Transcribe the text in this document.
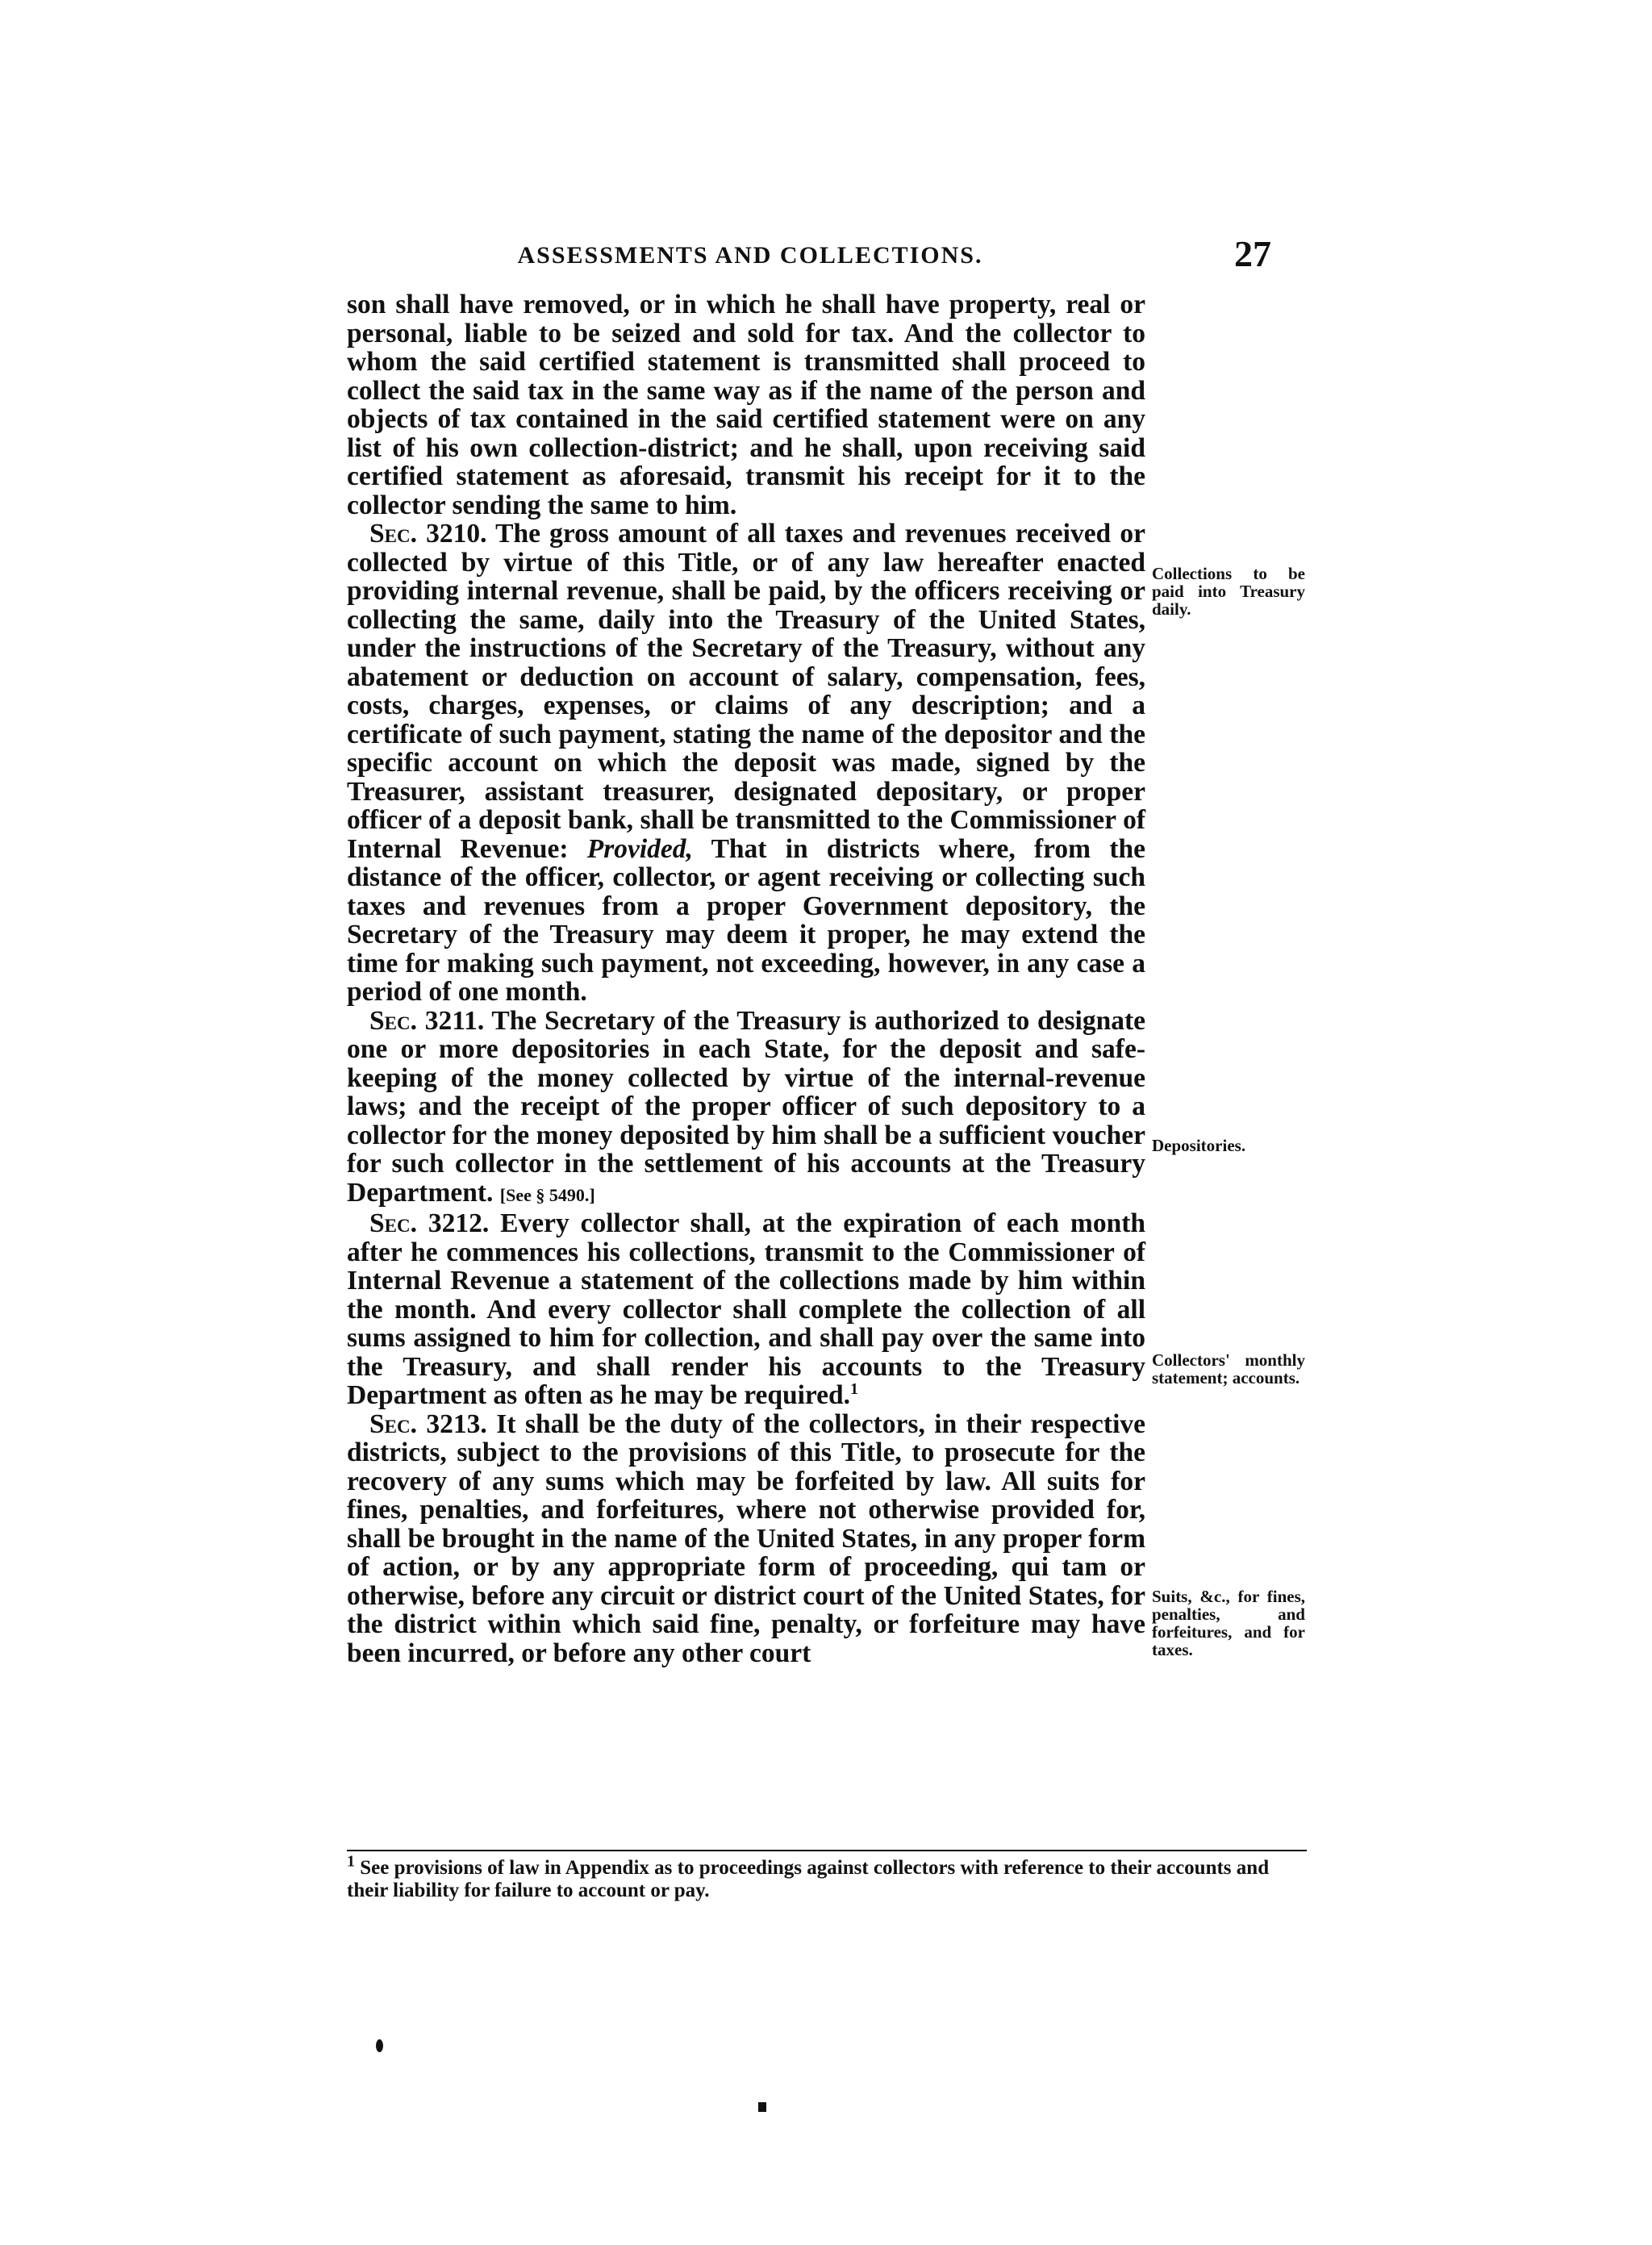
ASSESSMENTS AND COLLECTIONS.	27

son shall have removed, or in which he shall have property, real or personal, liable to be seized and sold for tax. And the collector to whom the said certified statement is transmitted shall proceed to collect the said tax in the same way as if the name of the person and objects of tax contained in the said certified statement were on any list of his own collection-district; and he shall, upon receiving said certified statement as aforesaid, transmit his receipt for it to the collector sending the same to him.

Sec. 3210. The gross amount of all taxes and revenues received or collected by virtue of this Title, or of any law hereafter enacted providing internal revenue, shall be paid, by the officers receiving or collecting the same, daily into the Treasury of the United States, under the instructions of the Secretary of the Treasury, without any abatement or deduction on account of salary, compensation, fees, costs, charges, expenses, or claims of any description; and a certificate of such payment, stating the name of the depositor and the specific account on which the deposit was made, signed by the Treasurer, assistant treasurer, designated depositary, or proper officer of a deposit bank, shall be transmitted to the Commissioner of Internal Revenue: Provided, That in districts where, from the distance of the officer, collector, or agent receiving or collecting such taxes and revenues from a proper Government depository, the Secretary of the Treasury may deem it proper, he may extend the time for making such payment, not exceeding, however, in any case a period of one month.

Sec. 3211. The Secretary of the Treasury is authorized to designate one or more depositories in each State, for the deposit and safe-keeping of the money collected by virtue of the internal-revenue laws; and the receipt of the proper officer of such depository to a collector for the money deposited by him shall be a sufficient voucher for such collector in the settlement of his accounts at the Treasury Department. [See § 5490.]

Sec. 3212. Every collector shall, at the expiration of each month after he commences his collections, transmit to the Commissioner of Internal Revenue a statement of the collections made by him within the month. And every collector shall complete the collection of all sums assigned to him for collection, and shall pay over the same into the Treasury, and shall render his accounts to the Treasury Department as often as he may be required.$^1$

Sec. 3213. It shall be the duty of the collectors, in their respective districts, subject to the provisions of this Title, to prosecute for the recovery of any sums which may be forfeited by law. All suits for fines, penalties, and forfeitures, where not otherwise provided for, shall be brought in the name of the United States, in any proper form of action, or by any appropriate form of proceeding, qui tam or otherwise, before any circuit or district court of the United States, for the district within which said fine, penalty, or forfeiture may have been incurred, or before any other court

Collections to be paid into Treasury daily.
Depositories.
Collectors' monthly statement; accounts.
Suits, &c., for fines, penalties, and forfeitures, and for taxes.
$^1$ See provisions of law in Appendix as to proceedings against collectors with reference to their accounts and their liability for failure to account or pay.
